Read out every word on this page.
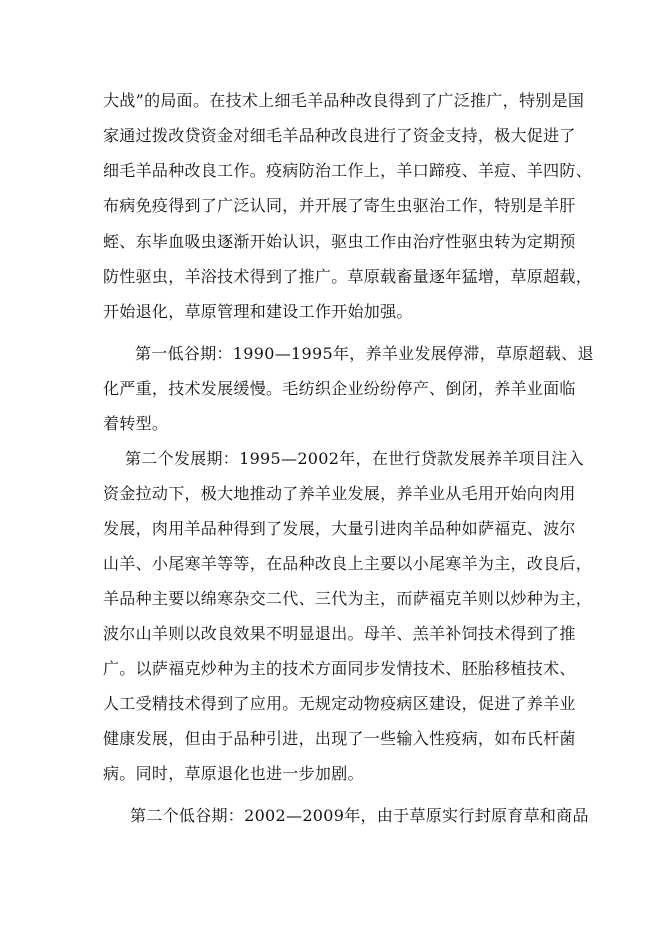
大战”的局面。在技术上细毛羊品种改良得到了广泛推广，特别是国
家通过拨改贷资金对细毛羊品种改良进行了资金支持，极大促进了
细毛羊品种改良工作。疫病防治工作上，羊口蹄疫、羊痘、羊四防、
布病免疫得到了广泛认同，并开展了寄生虫驱治工作，特别是羊肝
蛭、东毕血吸虫逐渐开始认识，驱虫工作由治疗性驱虫转为定期预
防性驱虫，羊浴技术得到了推广。草原载畜量逐年猛增，草原超载，
开始退化，草原管理和建设工作开始加强。
第一低谷期：1990—1995年，养羊业发展停滞，草原超载、退
化严重，技术发展缓慢。毛纺织企业纷纷停产、倒闭，养羊业面临
着转型。
第二个发展期：1995—2002年，在世行贷款发展养羊项目注入
资金拉动下，极大地推动了养羊业发展，养羊业从毛用开始向肉用
发展，肉用羊品种得到了发展，大量引进肉羊品种如萨福克、波尔
山羊、小尾寒羊等等，在品种改良上主要以小尾寒羊为主，改良后，
羊品种主要以绵寒杂交二代、三代为主，而萨福克羊则以炒种为主，
波尔山羊则以改良效果不明显退出。母羊、羔羊补饲技术得到了推
广。以萨福克炒种为主的技术方面同步发情技术、胚胎移植技术、
人工受精技术得到了应用。无规定动物疫病区建设，促进了养羊业
健康发展，但由于品种引进，出现了一些输入性疫病，如布氏杆菌
病。同时，草原退化也进一步加剧。
第二个低谷期：2002—2009年，由于草原实行封原育草和商品
